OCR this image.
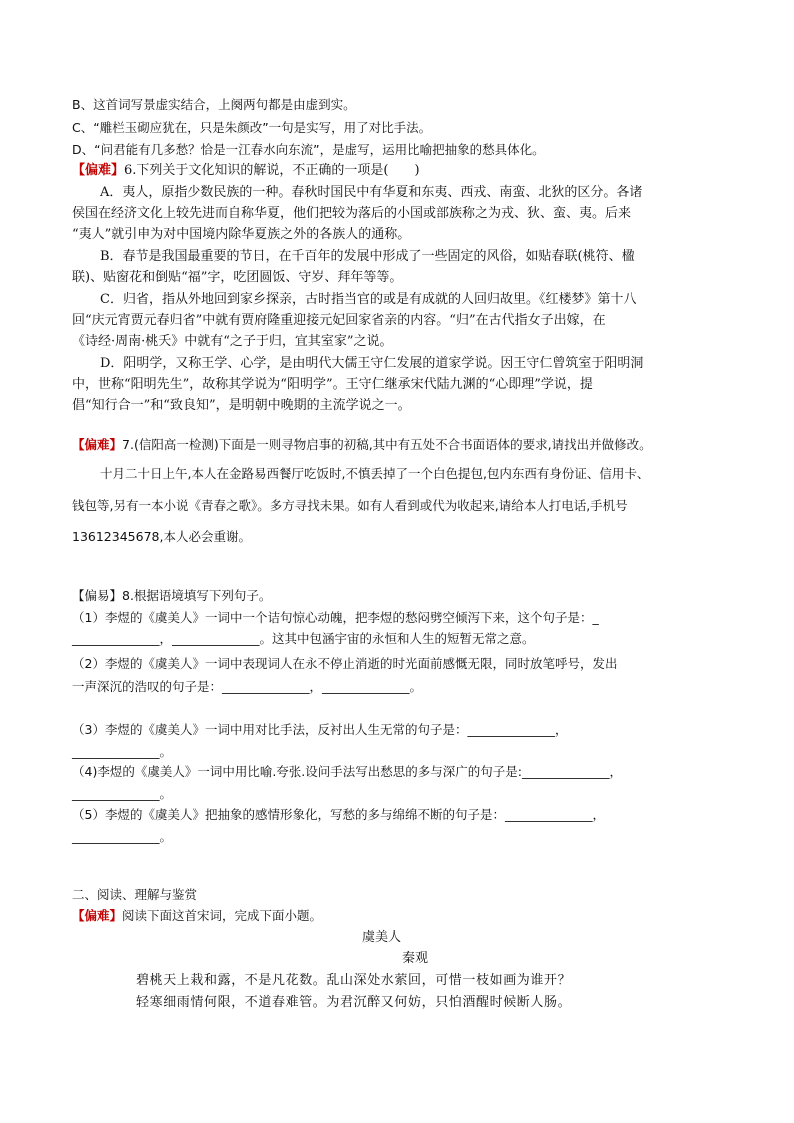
B、这首词写景虚实结合，上阕两句都是由虚到实。
C、“雕栏玉砌应犹在，只是朱颜改”一句是实写，用了对比手法。
D、“问君能有几多愁？恰是一江春水向东流”，是虚写，运用比喻把抽象的愁具体化。
【偏难】6.下列关于文化知识的解说，不正确的一项是(　　)
A．夷人，原指少数民族的一种。春秋时国民中有华夏和东夷、西戎、南蛮、北狄的区分。各诸
侯国在经济文化上较先进而自称华夏，他们把较为落后的小国或部族称之为戎、狄、蛮、夷。后来
“夷人”就引申为对中国境内除华夏族之外的各族人的通称。
B．春节是我国最重要的节日，在千百年的发展中形成了一些固定的风俗，如贴春联(桃符、楹
联)、贴窗花和倒贴“福”字，吃团圆饭、守岁、拜年等等。
C．归省，指从外地回到家乡探亲，古时指当官的或是有成就的人回归故里。《红楼梦》第十八
回“庆元宵贾元春归省”中就有贾府隆重迎接元妃回家省亲的内容。“归”在古代指女子出嫁，在
《诗经·周南·桃夭》中就有“之子于归，宜其室家”之说。
D．阳明学，又称王学、心学，是由明代大儒王守仁发展的道家学说。因王守仁曾筑室于阳明洞
中，世称“阳明先生”，故称其学说为“阳明学”。王守仁继承宋代陆九渊的“心即理”学说，提
倡“知行合一”和“致良知”，是明朝中晚期的主流学说之一。
【偏难】7.(信阳高一检测)下面是一则寻物启事的初稿,其中有五处不合书面语体的要求,请找出并做修改。
十月二十日上午,本人在金路易西餐厅吃饭时,不慎丢掉了一个白色提包,包内东西有身份证、信用卡、
钱包等,另有一本小说《青春之歌》。多方寻找未果。如有人看到或代为收起来,请给本人打电话,手机号
13612345678,本人必会重谢。
【偏易】8.根据语境填写下列句子。
（1）李煜的《虞美人》一词中一个诘句惊心动魄，把李煜的愁闷劈空倾泻下来，这个句子是：_
______________，______________。这其中包涵宇宙的永恒和人生的短暂无常之意。
（2）李煜的《虞美人》一词中表现词人在永不停止消逝的时光面前感慨无限，同时放笔呼号，发出
一声深沉的浩叹的句子是：______________，______________。
（3）李煜的《虞美人》一词中用对比手法，反衬出人生无常的句子是：______________，
______________。
（4)李煜的《虞美人》一词中用比喻.夸张.设问手法写出愁思的多与深广的句子是:______________，
______________。
（5）李煜的《虞美人》把抽象的感情形象化，写愁的多与绵绵不断的句子是：______________，
______________。
二、阅读、理解与鉴赏
【偏难】阅读下面这首宋词，完成下面小题。
虞美人
秦观
碧桃天上栽和露，不是凡花数。乱山深处水萦回，可惜一枝如画为谁开？
轻寒细雨情何限，不道春难管。为君沉醉又何妨，只怕酒醒时候断人肠。
